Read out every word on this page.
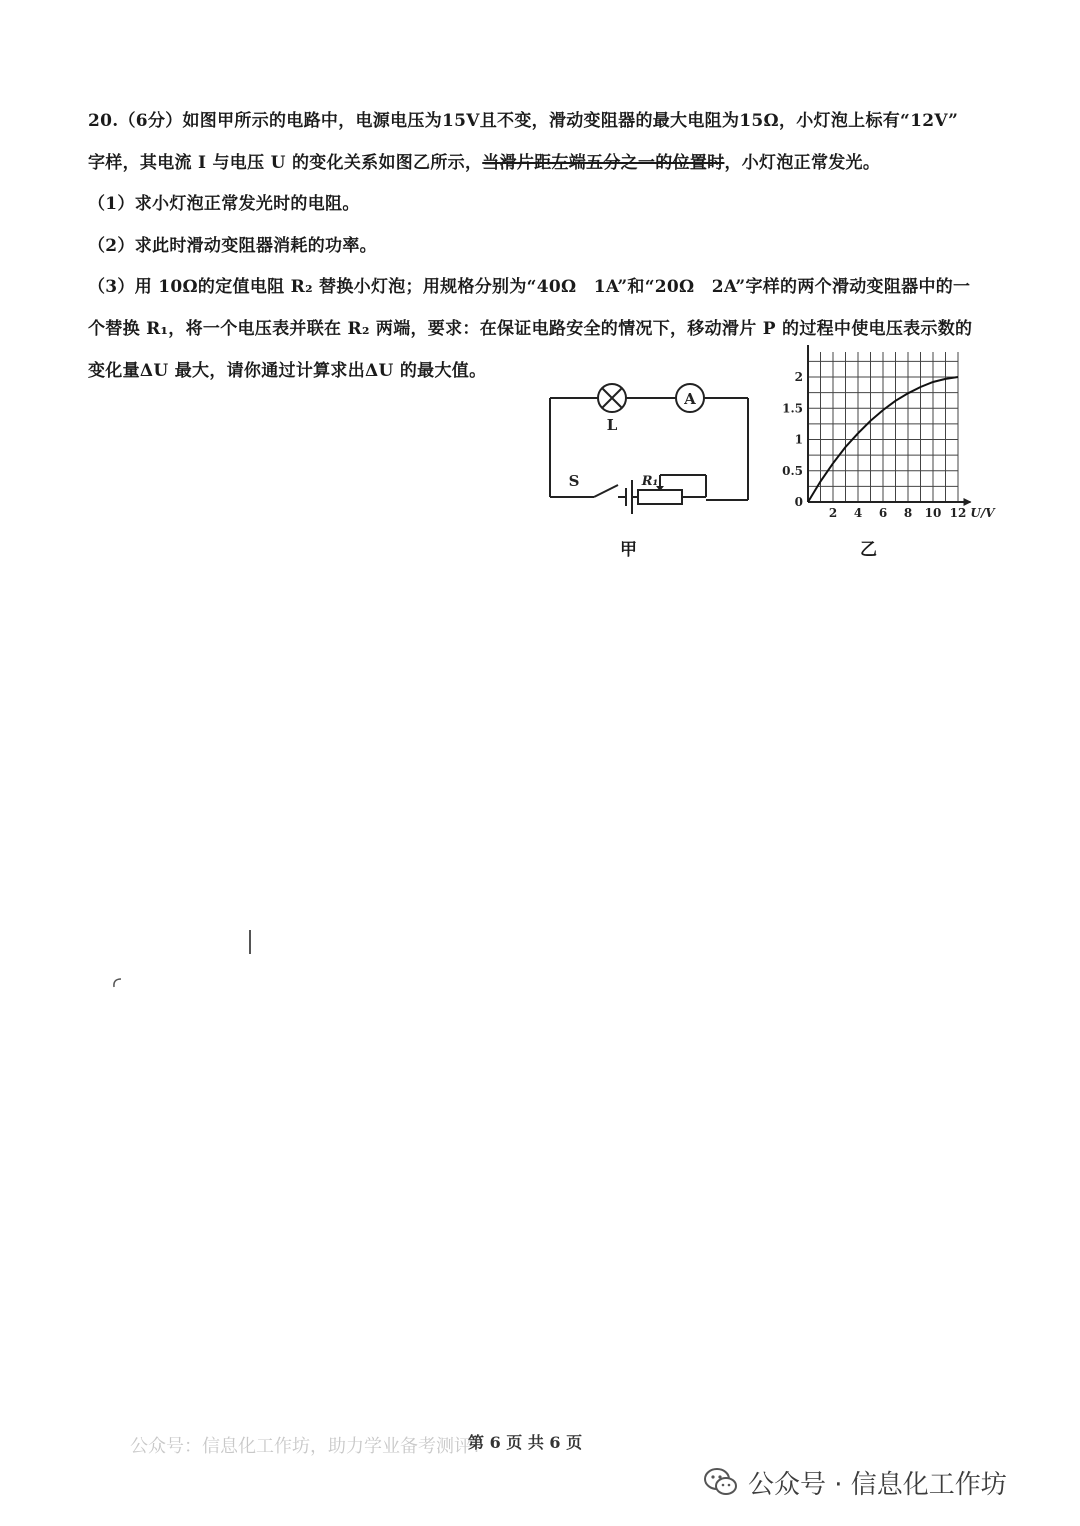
20.（6分）如图甲所示的电路中，电源电压为15V且不变，滑动变阻器的最大电阻为15Ω，小灯泡上标有“12V”
字样，其电流 I 与电压 U 的变化关系如图乙所示，当滑片距左端五分之一的位置时，小灯泡正常发光。
（1）求小灯泡正常发光时的电阻。
（2）求此时滑动变阻器消耗的功率。
（3）用 10Ω的定值电阻 R₂ 替换小灯泡；用规格分别为“40Ω　1A”和“20Ω　2A”字样的两个滑动变阻器中的一
个替换 R₁，将一个电压表并联在 R₂ 两端，要求：在保证电路安全的情况下，移动滑片 P 的过程中使电压表示数的
变化量ΔU 最大，请你通过计算求出ΔU 的最大值。
A
L
S	R₁
甲
2 4 6 8 10 12
0
0.5
1
1.5
2
U/V
乙
公众号：信息化工作坊，助力学业备考测评！
第 6 页 共 6 页
公众号 · 信息化工作坊
